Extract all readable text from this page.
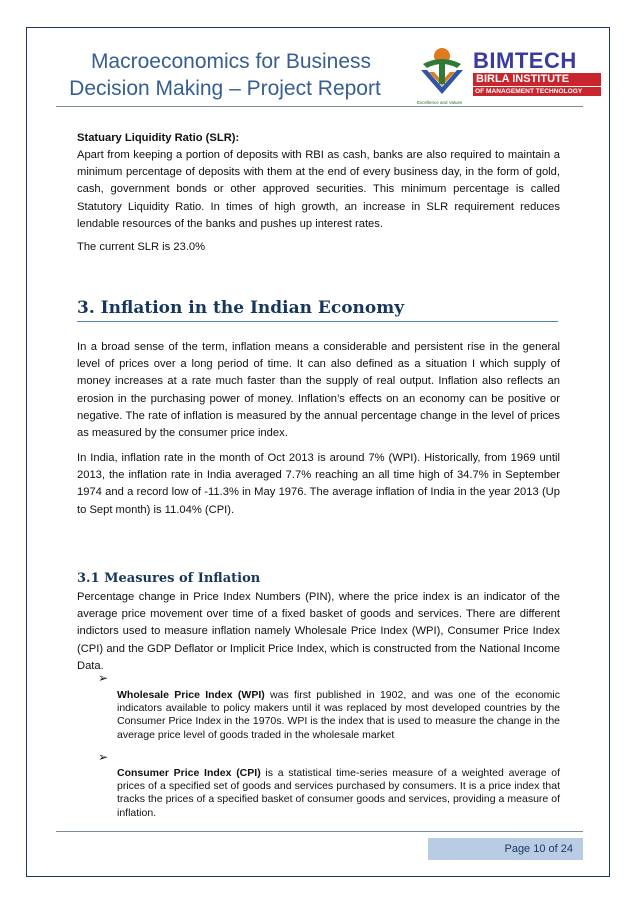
Macroeconomics for Business
Decision Making – Project Report
BIMTECH
BIRLA INSTITUTE
OF MANAGEMENT TECHNOLOGY
Excellence and Values
Statuary Liquidity Ratio (SLR):
Apart from keeping a portion of deposits with RBI as cash, banks are also required to maintain a minimum percentage of deposits with them at the end of every business day, in the form of gold, cash, government bonds or other approved securities. This minimum percentage is called Statutory Liquidity Ratio. In times of high growth, an increase in SLR requirement reduces lendable resources of the banks and pushes up interest rates.
The current SLR is 23.0%
3. Inflation in the Indian Economy
In a broad sense of the term, inflation means a considerable and persistent rise in the general level of prices over a long period of time. It can also defined as a situation I which supply of money increases at a rate much faster than the supply of real output. Inflation also reflects an erosion in the purchasing power of money. Inflation’s effects on an economy can be positive or negative. The rate of inflation is measured by the annual percentage change in the level of prices as measured by the consumer price index.
In India, inflation rate in the month of Oct 2013 is around 7% (WPI). Historically, from 1969 until 2013, the inflation rate in India averaged 7.7% reaching an all time high of 34.7% in September 1974 and a record low of -11.3% in May 1976. The average inflation of India in the year 2013 (Up to Sept month) is 11.04% (CPI).
3.1 Measures of Inflation
Percentage change in Price Index Numbers (PIN), where the price index is an indicator of the average price movement over time of a fixed basket of goods and services. There are different indictors used to measure inflation namely Wholesale Price Index (WPI), Consumer Price Index (CPI) and the GDP Deflator or Implicit Price Index, which is constructed from the National Income Data.
➢
Wholesale Price Index (WPI) was first published in 1902, and was one of the economic indicators available to policy makers until it was replaced by most developed countries by the Consumer Price Index in the 1970s. WPI is the index that is used to measure the change in the average price level of goods traded in the wholesale market
➢
Consumer Price Index (CPI) is a statistical time-series measure of a weighted average of prices of a specified set of goods and services purchased by consumers. It is a price index that tracks the prices of a specified basket of consumer goods and services, providing a measure of inflation.
Page 10 of 24
